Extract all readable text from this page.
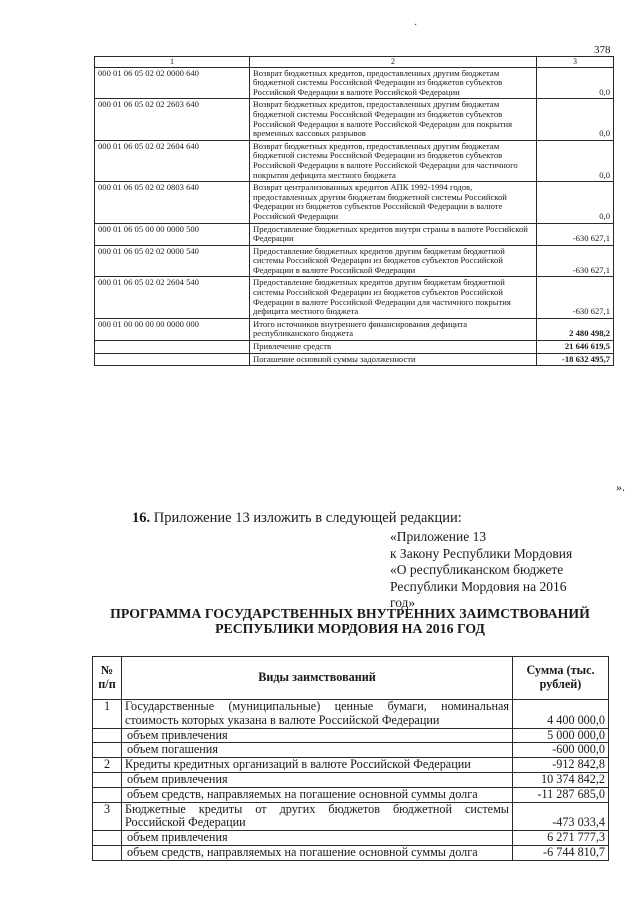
·
378
1	2	3
000 01 06 05 02 02 0000 640	Возврат бюджетных кредитов, предоставленных другим бюджетам бюджетной системы Российской Федерации из бюджетов субъектов Российской Федерации в валюте Российской Федерации	0,0
000 01 06 05 02 02 2603 640	Возврат бюджетных кредитов, предоставленных другим бюджетам бюджетной системы Российской Федерации из бюджетов субъектов Российской Федерации в валюте Российской Федерации для покрытия временных кассовых разрывов	0,0
000 01 06 05 02 02 2604 640	Возврат бюджетных кредитов, предоставленных другим бюджетам бюджетной системы Российской Федерации из бюджетов субъектов Российской Федерации в валюте Российской Федерации для частичного покрытия дефицита местного бюджета	0,0
000 01 06 05 02 02 0803 640	Возврат централизованных кредитов АПК 1992-1994 годов, предоставленных другим бюджетам бюджетной системы Российской Федерации из бюджетов субъектов Российской Федерации в валюте Российской Федерации	0,0
000 01 06 05 00 00 0000 500	Предоставление бюджетных кредитов внутри страны в валюте Российской Федерации	-630 627,1
000 01 06 05 02 02 0000 540	Предоставление бюджетных кредитов другим бюджетам бюджетной системы Российской Федерации из бюджетов субъектов Российской Федерации в валюте Российской Федерации	-630 627,1
000 01 06 05 02 02 2604 540	Предоставление бюджетных кредитов другим бюджетам бюджетной системы Российской Федерации из бюджетов субъектов Российской Федерации в валюте Российской Федерации для частичного покрытия дефицита местного бюджета	-630 627,1
000 01 00 00 00 00 0000 000	Итого источников внутреннего финансирования дефицита республиканского бюджета	2 480 498,2
	Привлечение средств	21 646 619,5
	Погашение основной суммы задолженности	-18 632 495,7
».
16. Приложение 13 изложить в следующей редакции:
«Приложение 13
к Закону Республики Мордовия
«О республиканском бюджете
Республики Мордовия на 2016
год»
ПРОГРАММА ГОСУДАРСТВЕННЫХ ВНУТРЕННИХ ЗАИМСТВОВАНИЙ
РЕСПУБЛИКИ МОРДОВИЯ НА 2016 ГОД
№ п/п	Виды заимствований	Сумма (тыс. рублей)
1	Государственные (муниципальные) ценные бумаги, номинальная стоимость которых указана в валюте Российской Федерации	4 400 000,0
	объем привлечения	5 000 000,0
	объем погашения	-600 000,0
2	Кредиты кредитных организаций в валюте Российской Федерации	-912 842,8
	объем привлечения	10 374 842,2
	объем средств, направляемых на погашение основной суммы долга	-11 287 685,0
3	Бюджетные кредиты от других бюджетов бюджетной системы Российской Федерации	-473 033,4
	объем привлечения	6 271 777,3
	объем средств, направляемых на погашение основной суммы долга	-6 744 810,7
